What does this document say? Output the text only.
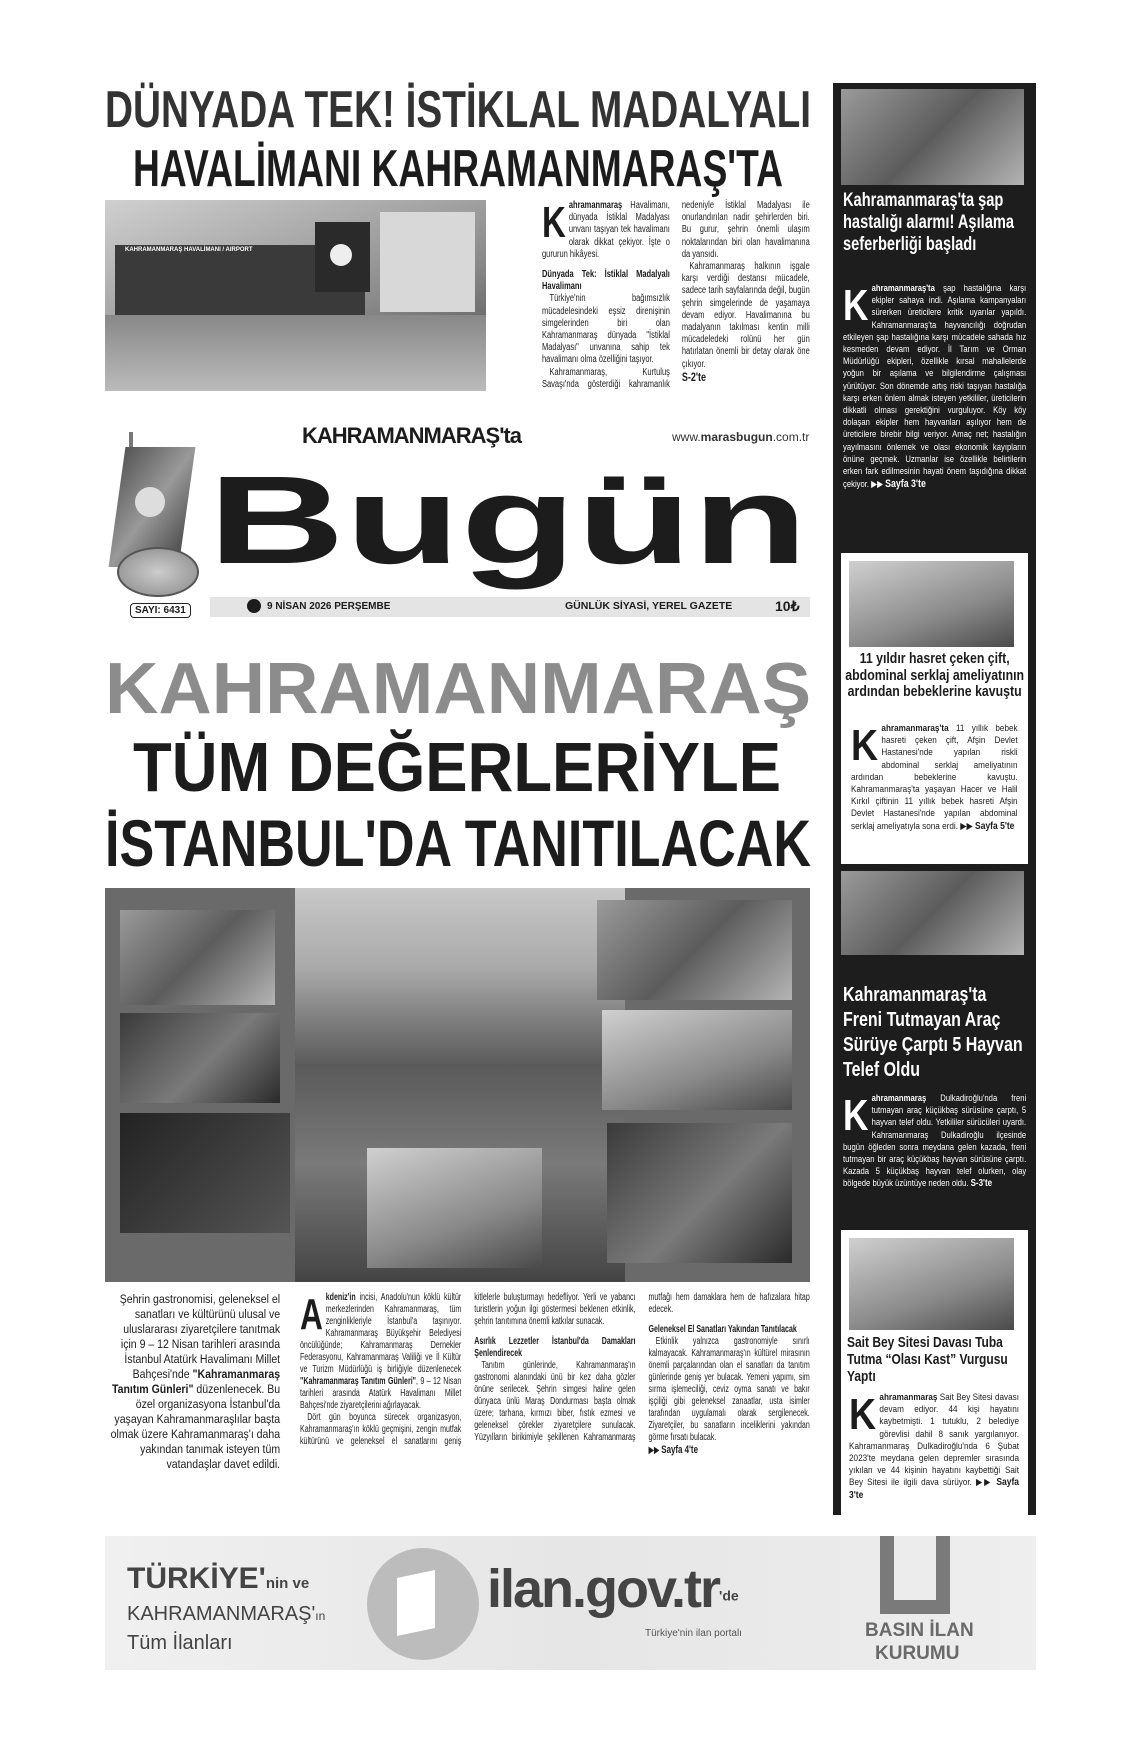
DÜNYADA TEK! İSTİKLAL MADALYALI
HAVALİMANI KAHRAMANMARAŞ'TA
KAHRAMANMARAŞ HAVALİMANI / AIRPORT

Kahramanmaraş Havalimanı, dünyada İstiklal Madalyası unvanı taşıyan tek havalimanı olarak dikkat çekiyor. İşte o gururun hikâyesi.

Dünyada Tek: İstiklal Madalyalı Havalimanı

Türkiye'nin bağımsızlık mücadelesindeki eşsiz direnişinin simgelerinden biri olan Kahramanmaraş dünyada "İstiklal Madalyası" unvanına sahip tek havalimanı olma özelliğini taşıyor.

Kahramanmaraş, Kurtuluş Savaşı'nda gösterdiği kahramanlık nedeniyle İstiklal Madalyası ile onurlandırılan nadir şehirlerden biri. Bu gurur, şehrin önemli ulaşım noktalarından biri olan havalimanına da yansıdı.

Kahramanmaraş halkının işgale karşı verdiği destansı mücadele, sadece tarih sayfalarında değil, bugün şehrin simgelerinde de yaşamaya devam ediyor. Havalimanına bu madalyanın takılması kentin milli mücadeledeki rolünü her gün hatırlatan önemli bir detay olarak öne çıkıyor.

S-2'te
SAYI: 6431
KAHRAMANMARAŞ'ta	www.marasbugun.com.tr
Bugün
9 NİSAN 2026 PERŞEMBE	GÜNLÜK SİYASİ, YEREL GAZETE	10₺
KAHRAMANMARAŞ
TÜM DEĞERLERİYLE
İSTANBUL'DA TANITILACAK
Şehrin gastronomisi, geleneksel el sanatları ve kültürünü ulusal ve uluslararası ziyaretçilere tanıtmak için 9 – 12 Nisan tarihleri arasında İstanbul Atatürk Havalimanı Millet Bahçesi'nde "Kahramanmaraş Tanıtım Günleri" düzenlenecek. Bu özel organizasyona İstanbul'da yaşayan Kahramanmaraşlılar başta olmak üzere Kahramanmaraş'ı daha yakından tanımak isteyen tüm vatandaşlar davet edildi.

Akdeniz'in incisi, Anadolu'nun köklü kültür merkezlerinden Kahramanmaraş, tüm zenginlikleriyle İstanbul'a taşınıyor. Kahramanmaraş Büyükşehir Belediyesi öncülüğünde; Kahramanmaraş Dernekler Federasyonu, Kahramanmaraş Valiliği ve İl Kültür ve Turizm Müdürlüğü iş birliğiyle düzenlenecek "Kahramanmaraş Tanıtım Günleri", 9 – 12 Nisan tarihleri arasında Atatürk Havalimanı Millet Bahçesi'nde ziyaretçilerini ağırlayacak.

Dört gün boyunca sürecek organizasyon, Kahramanmaraş'ın köklü geçmişini, zengin mutfak kültürünü ve geleneksel el sanatlarını geniş kitlelerle buluşturmayı hedefliyor. Yerli ve yabancı turistlerin yoğun ilgi göstermesi beklenen etkinlik, şehrin tanıtımına önemli katkılar sunacak.

Asırlık Lezzetler İstanbul'da Damakları Şenlendirecek

Tanıtım günlerinde, Kahramanmaraş'ın gastronomi alanındaki ünü bir kez daha gözler önüne serilecek. Şehrin simgesi haline gelen dünyaca ünlü Maraş Dondurması başta olmak üzere; tarhana, kırmızı biber, fıstık ezmesi ve geleneksel çörekler ziyaretçilere sunulacak. Yüzyılların birikimiyle şekillenen Kahramanmaraş mutfağı hem damaklara hem de hafızalara hitap edecek.

Geleneksel El Sanatları Yakından Tanıtılacak

Etkinlik yalnızca gastronomiyle sınırlı kalmayacak. Kahramanmaraş'ın kültürel mirasının önemli parçalarından olan el sanatları da tanıtım günlerinde geniş yer bulacak. Yemeni yapımı, sim sırma işlemeciliği, ceviz oyma sanatı ve bakır işçiliği gibi geleneksel zanaatlar, usta isimler tarafından uygulamalı olarak sergilenecek. Ziyaretçiler, bu sanatların inceliklerini yakından görme fırsatı bulacak.

▶▶ Sayfa 4'te
Kahramanmaraş'ta şap hastalığı alarmı! Aşılama seferberliği başladı
Kahramanmaraş'ta şap hastalığına karşı ekipler sahaya indi. Aşılama kampanyaları sürerken üreticilere kritik uyarılar yapıldı. Kahramanmaraş'ta hayvancılığı doğrudan etkileyen şap hastalığına karşı mücadele sahada hız kesmeden devam ediyor. İl Tarım ve Orman Müdürlüğü ekipleri, özellikle kırsal mahallelerde yoğun bir aşılama ve bilgilendirme çalışması yürütüyor. Son dönemde artış riski taşıyan hastalığa karşı erken önlem almak isteyen yetkililer, üreticilerin dikkatli olması gerektiğini vurguluyor. Köy köy dolaşan ekipler hem hayvanları aşılıyor hem de üreticilere birebir bilgi veriyor. Amaç net; hastalığın yayılmasını önlemek ve olası ekonomik kayıpların önüne geçmek. Uzmanlar ise özellikle belirtilerin erken fark edilmesinin hayati önem taşıdığına dikkat çekiyor. ▶▶ Sayfa 3'te
11 yıldır hasret çeken çift, abdominal serklaj ameliyatının ardından bebeklerine kavuştu
Kahramanmaraş'ta 11 yıllık bebek hasreti çeken çift, Afşin Devlet Hastanesi'nde yapılan riskli abdominal serklaj ameliyatının ardından bebeklerine kavuştu. Kahramanmaraş'ta yaşayan Hacer ve Halil Kırkıl çiftinin 11 yıllık bebek hasreti Afşin Devlet Hastanesi'nde yapılan abdominal serklaj ameliyatıyla sona erdi. ▶▶ Sayfa 5'te
Kahramanmaraş'ta Freni Tutmayan Araç Sürüye Çarptı 5 Hayvan Telef Oldu
Kahramanmaraş Dulkadiroğlu'nda freni tutmayan araç küçükbaş sürüsüne çarptı, 5 hayvan telef oldu. Yetkililer sürücüleri uyardı. Kahramanmaraş Dulkadiroğlu ilçesinde bugün öğleden sonra meydana gelen kazada, freni tutmayan bir araç küçükbaş hayvan sürüsüne çarptı. Kazada 5 küçükbaş hayvan telef olurken, olay bölgede büyük üzüntüye neden oldu. S-3'te
Sait Bey Sitesi Davası Tuba Tutma “Olası Kast” Vurgusu Yaptı
Kahramanmaraş Sait Bey Sitesi davası devam ediyor. 44 kişi hayatını kaybetmişti. 1 tutuklu, 2 belediye görevlisi dahil 8 sanık yargılanıyor. Kahramanmaraş Dulkadiroğlu'nda 6 Şubat 2023'te meydana gelen depremler sırasında yıkılan ve 44 kişinin hayatını kaybettiği Sait Bey Sitesi ile ilgili dava sürüyor. ▶▶ Sayfa 3'te
TÜRKİYE'nin ve
KAHRAMANMARAŞ'ın
Tüm İlanları
$ilan.gov.tr^{'de}$
Türkiye'nin ilan portalı	BASIN İLAN
KURUMU
